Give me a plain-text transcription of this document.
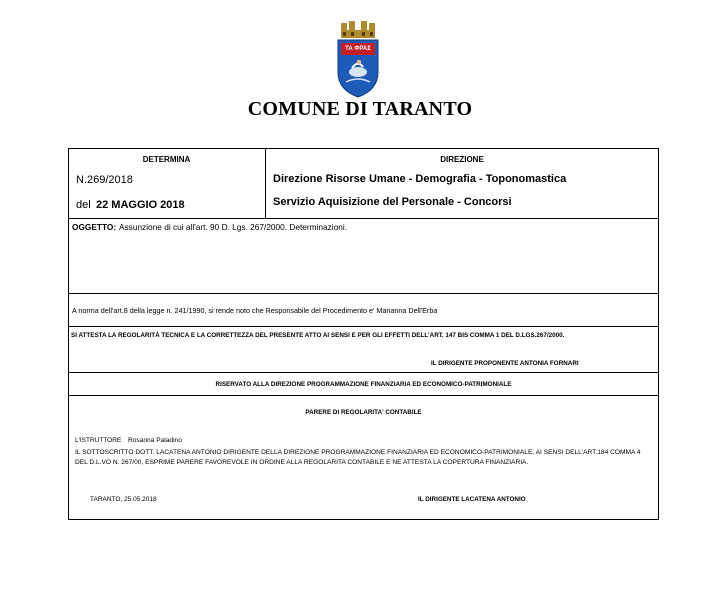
ΤΑ ΦΡΑΣ
COMUNE DI TARANTO
DETERMINA
N.269/2018
del 22 MAGGIO 2018
DIREZIONE
Direzione Risorse Umane - Demografia - Toponomastica
Servizio Aquisizione del Personale - Concorsi
OGGETTO: Assunzione di cui all'art. 90 D. Lgs. 267/2000. Determinazioni.
A norma dell'art.8 della legge n. 241/1990, si rende noto che Responsabile del Procedimento e' Marianna Dell'Erba
SI ATTESTA LA REGOLARITÀ TECNICA E LA CORRETTEZZA DEL PRESENTE ATTO AI SENSI E PER GLI EFFETTI DELL'ART. 147 BIS COMMA 1 DEL D.LGS.267/2000.
IL DIRIGENTE PROPONENTE ANTONIA FORNARI
RISERVATO ALLA DIREZIONE PROGRAMMAZIONE FINANZIARIA ED ECONOMICO-PATRIMONIALE
PARERE DI REGOLARITA' CONTABILE
L'ISTRUTTORE Rosanna Paladino
IL SOTTOSCRITTO DOTT. LACATENA ANTONIO DIRIGENTE DELLA DIREZIONE PROGRAMMAZIONE FINANZIARIA ED ECONOMICO-PATRIMONIALE, AI SENSI DELL'ART.184 COMMA 4 DEL D.L.VO N. 267/00, ESPRIME PARERE FAVOREVOLE IN ORDINE ALLA REGOLARITA CONTABILE E NE ATTESTA LA COPERTURA FINANZIARIA.
TARANTO, 25.05.2018	IL DIRIGENTE LACATENA ANTONIO
